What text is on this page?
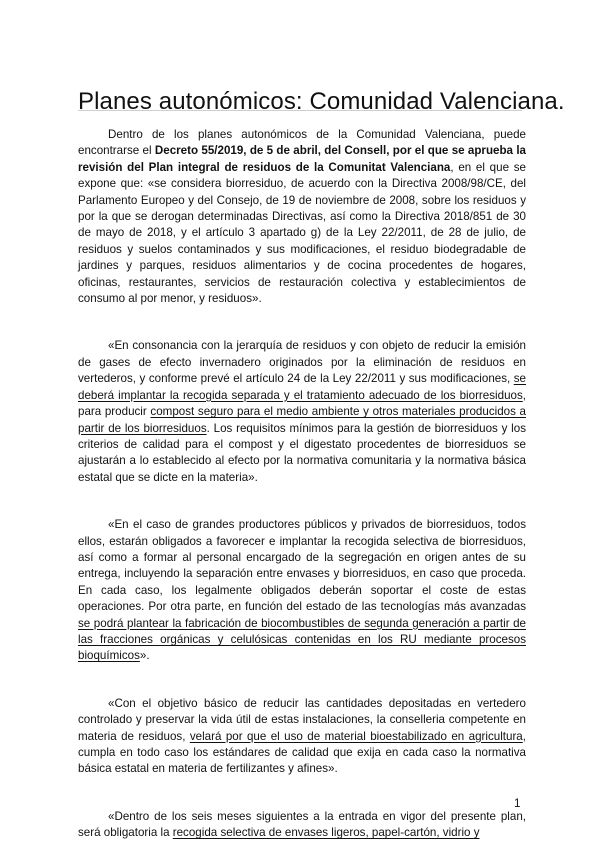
Planes autonómicos: Comunidad Valenciana.

Dentro de los planes autonómicos de la Comunidad Valenciana, puede encontrarse el Decreto 55/2019, de 5 de abril, del Consell, por el que se aprueba la revisión del Plan integral de residuos de la Comunitat Valenciana, en el que se expone que: «se considera biorresiduo, de acuerdo con la Directiva 2008/98/CE, del Parlamento Europeo y del Consejo, de 19 de noviembre de 2008, sobre los residuos y por la que se derogan determinadas Directivas, así como la Directiva 2018/851 de 30 de mayo de 2018, y el artículo 3 apartado g) de la Ley 22/2011, de 28 de julio, de residuos y suelos contaminados y sus modificaciones, el residuo biodegradable de jardines y parques, residuos alimentarios y de cocina procedentes de hogares, oficinas, restaurantes, servicios de restauración colectiva y establecimientos de consumo al por menor, y residuos».

«En consonancia con la jerarquía de residuos y con objeto de reducir la emisión de gases de efecto invernadero originados por la eliminación de residuos en vertederos, y conforme prevé el artículo 24 de la Ley 22/2011 y sus modificaciones, se deberá implantar la recogida separada y el tratamiento adecuado de los biorresiduos, para producir compost seguro para el medio ambiente y otros materiales producidos a partir de los biorresiduos. Los requisitos mínimos para la gestión de biorresiduos y los criterios de calidad para el compost y el digestato procedentes de biorresiduos se ajustarán a lo establecido al efecto por la normativa comunitaria y la normativa básica estatal que se dicte en la materia».

«En el caso de grandes productores públicos y privados de biorresiduos, todos ellos, estarán obligados a favorecer e implantar la recogida selectiva de biorresiduos, así como a formar al personal encargado de la segregación en origen antes de su entrega, incluyendo la separación entre envases y biorresiduos, en caso que proceda. En cada caso, los legalmente obligados deberán soportar el coste de estas operaciones. Por otra parte, en función del estado de las tecnologías más avanzadas se podrá plantear la fabricación de biocombustibles de segunda generación a partir de las fracciones orgánicas y celulósicas contenidas en los RU mediante procesos bioquímicos».

«Con el objetivo básico de reducir las cantidades depositadas en vertedero controlado y preservar la vida útil de estas instalaciones, la conselleria competente en materia de residuos, velará por que el uso de material bioestabilizado en agricultura, cumpla en todo caso los estándares de calidad que exija en cada caso la normativa básica estatal en materia de fertilizantes y afines».

«Dentro de los seis meses siguientes a la entrada en vigor del presente plan, será obligatoria la recogida selectiva de envases ligeros, papel-cartón, vidrio y

1
